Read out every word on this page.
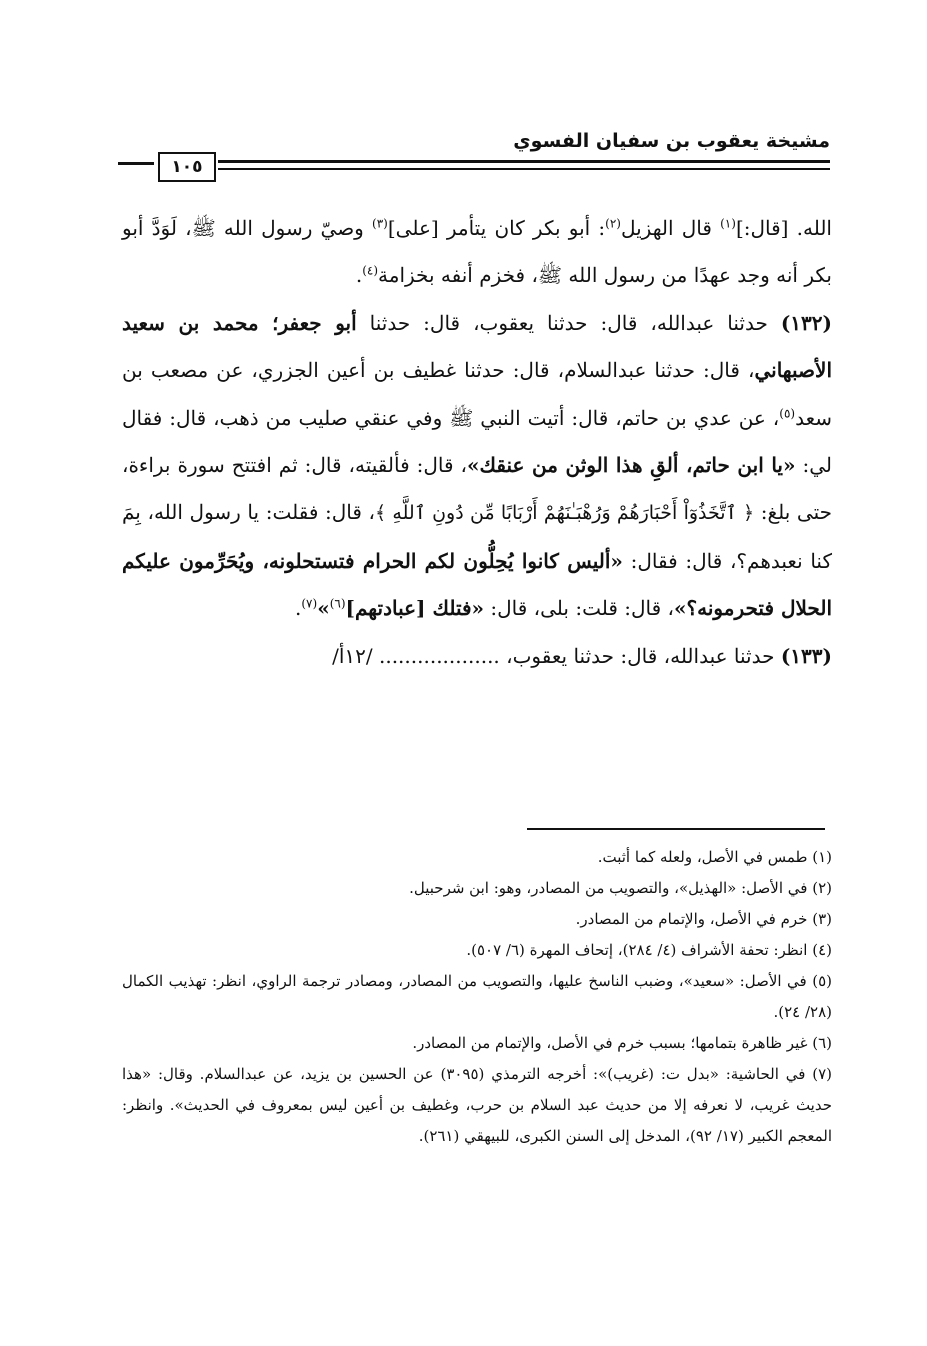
مشيخة يعقوب بن سفيان الفسوي
١٠٥

الله. [قال:]$^{(١)}$ قال الهزيل$^{(٢)}$: أبو بكر كان يتأمر [على]$^{(٣)}$ وصيّ رسول الله ﷺ، لَوَدَّ أبو بكر أنه وجد عهدًا من رسول الله ﷺ، فخزم أنفه بخزامة$^{(٤)}$.

(١٣٢) حدثنا عبدالله، قال: حدثنا يعقوب، قال: حدثنا أبو جعفر؛ محمد بن سعيد الأصبهاني، قال: حدثنا عبدالسلام، قال: حدثنا غطيف بن أعين الجزري، عن مصعب بن سعد$^{(٥)}$، عن عدي بن حاتم، قال: أتيت النبي ﷺ وفي عنقي صليب من ذهب، قال: فقال لي: «يا ابن حاتم، ألقِ هذا الوثن من عنقك»، قال: فألقيته، قال: ثم افتتح سورة براءة، حتى بلغ: ﴿ ٱتَّخَذُوٓاْ أَحْبَارَهُمْ وَرُهْبَـٰنَهُمْ أَرْبَابًا مِّن دُونِ ٱللَّهِ ﴾، قال: فقلت: يا رسول الله، بِمَ كنا نعبدهم؟، قال: فقال: «أليس كانوا يُحِلُّون لكم الحرام فتستحلونه، ويُحَرِّمون عليكم الحلال فتحرمونه؟»، قال: قلت: بلى، قال: «فتلك [عبادتهم]$^{(٦)}$»$^{(٧)}$.

(١٣٣) حدثنا عبدالله، قال: حدثنا يعقوب، ................... /١٢أ/

(١) طمس في الأصل، ولعله كما أثبت.

(٢) في الأصل: «الهذيل»، والتصويب من المصادر، وهو: ابن شرحبيل.

(٣) خرم في الأصل، والإتمام من المصادر.

(٤) انظر: تحفة الأشراف (٤/ ٢٨٤)، إتحاف المهرة (٦/ ٥٠٧).

(٥) في الأصل: «سعيد»، وضبب الناسخ عليها، والتصويب من المصادر، ومصادر ترجمة الراوي، انظر: تهذيب الكمال (٢٨/ ٢٤).

(٦) غير ظاهرة بتمامها؛ بسبب خرم في الأصل، والإتمام من المصادر.

(٧) في الحاشية: «بدل ت: (غريب)»: أخرجه الترمذي (٣٠٩٥) عن الحسين بن يزيد، عن عبدالسلام. وقال: «هذا حديث غريب، لا نعرفه إلا من حديث عبد السلام بن حرب، وغطيف بن أعين ليس بمعروف في الحديث». وانظر: المعجم الكبير (١٧/ ٩٢)، المدخل إلى السنن الكبرى، للبيهقي (٢٦١).
